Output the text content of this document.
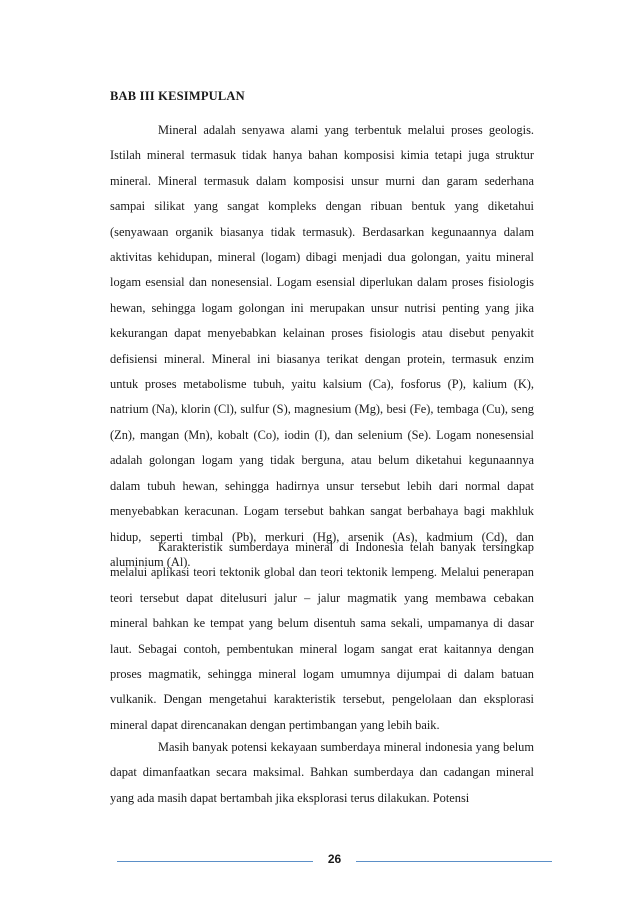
BAB III KESIMPULAN

Mineral adalah senyawa alami yang terbentuk melalui proses geologis. Istilah mineral termasuk tidak hanya bahan komposisi kimia tetapi juga struktur mineral. Mineral termasuk dalam komposisi unsur murni dan garam sederhana sampai silikat yang sangat kompleks dengan ribuan bentuk yang diketahui (senyawaan organik biasanya tidak termasuk). Berdasarkan kegunaannya dalam aktivitas kehidupan, mineral (logam) dibagi menjadi dua golongan, yaitu mineral logam esensial dan nonesensial. Logam esensial diperlukan dalam proses fisiologis hewan, sehingga logam golongan ini merupakan unsur nutrisi penting yang jika kekurangan dapat menyebabkan kelainan proses fisiologis atau disebut penyakit defisiensi mineral. Mineral ini biasanya terikat dengan protein, termasuk enzim untuk proses metabolisme tubuh, yaitu kalsium (Ca), fosforus (P), kalium (K), natrium (Na), klorin (Cl), sulfur (S), magnesium (Mg), besi (Fe), tembaga (Cu), seng (Zn), mangan (Mn), kobalt (Co), iodin (I), dan selenium (Se). Logam nonesensial adalah golongan logam yang tidak berguna, atau belum diketahui kegunaannya dalam tubuh hewan, sehingga hadirnya unsur tersebut lebih dari normal dapat menyebabkan keracunan. Logam tersebut bahkan sangat berbahaya bagi makhluk hidup, seperti timbal (Pb), merkuri (Hg), arsenik (As), kadmium (Cd), dan aluminium (Al).

Karakteristik sumberdaya mineral di Indonesia telah banyak tersingkap melalui aplikasi teori tektonik global dan teori tektonik lempeng. Melalui penerapan teori tersebut dapat ditelusuri jalur – jalur magmatik yang membawa cebakan mineral bahkan ke tempat yang belum disentuh sama sekali, umpamanya di dasar laut. Sebagai contoh, pembentukan mineral logam sangat erat kaitannya dengan proses magmatik, sehingga mineral logam umumnya dijumpai di dalam batuan vulkanik. Dengan mengetahui karakteristik tersebut, pengelolaan dan eksplorasi mineral dapat direncanakan dengan pertimbangan yang lebih baik.

Masih banyak potensi kekayaan sumberdaya mineral indonesia yang belum dapat dimanfaatkan secara maksimal. Bahkan sumberdaya dan cadangan mineral yang ada masih dapat bertambah jika eksplorasi terus dilakukan. Potensi

26
